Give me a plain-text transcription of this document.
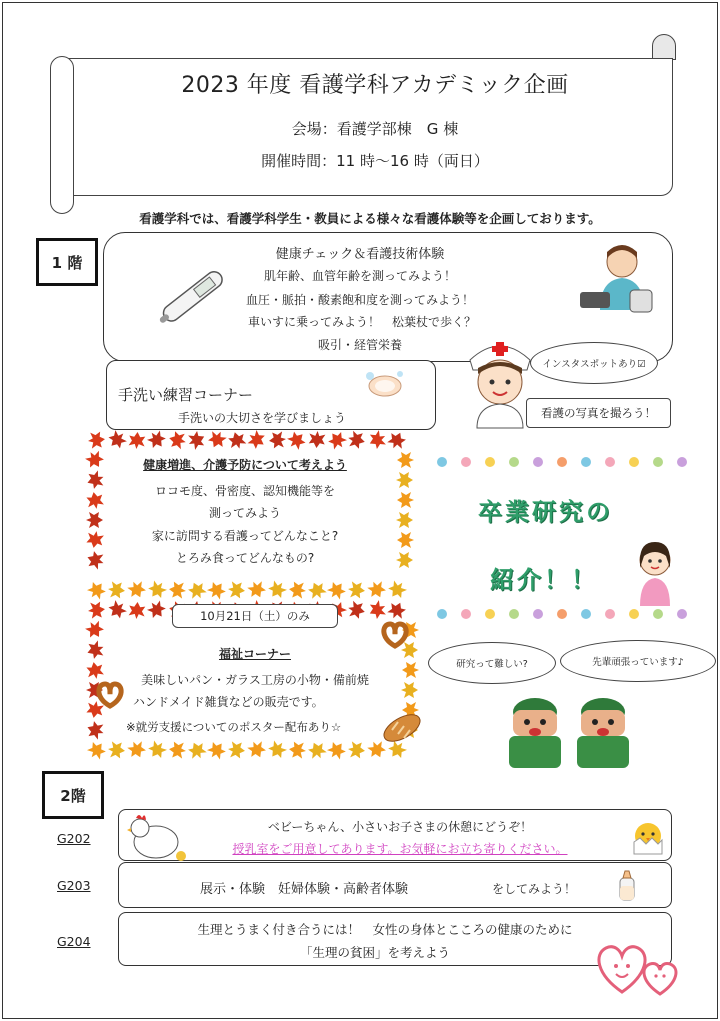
2023 年度 看護学科アカデミック企画
会場：看護学部棟　G 棟
開催時間：11 時〜16 時（両日）
看護学科では、看護学科学生・教員による様々な看護体験等を企画しております。
1 階	健康チェック＆看護技術体験
肌年齢、血管年齢を測ってみよう！
血圧・脈拍・酸素飽和度を測ってみよう！
車いすに乗ってみよう！　松葉杖で歩く？
吸引・経管栄養
インスタスポットあり☑
手洗い練習コーナー
手洗いの大切さを学びましょう	看護の写真を撮ろう！
健康増進、介護予防について考えよう
ロコモ度、骨密度、認知機能等を
測ってみよう
家に訪問する看護ってどんなこと?
とろみ食ってどんなもの?
10月21日（土）のみ
福祉コーナー
美味しいパン・ガラス工房の小物・備前焼
ハンドメイド雑貨などの販売です。
※就労支援についてのポスター配布あり☆
卒業研究の
紹介！！
研究って難しい?	先輩頑張っています♪
2階
G202
ベビーちゃん、小さいお子さまの休憩にどうぞ！
授乳室をご用意してあります。お気軽にお立ち寄りください。
G203	展示・体験　妊婦体験・高齢者体験	をしてみよう！
G204
生理とうまく付き合うには！　女性の身体とこころの健康のために
「生理の貧困」を考えよう
